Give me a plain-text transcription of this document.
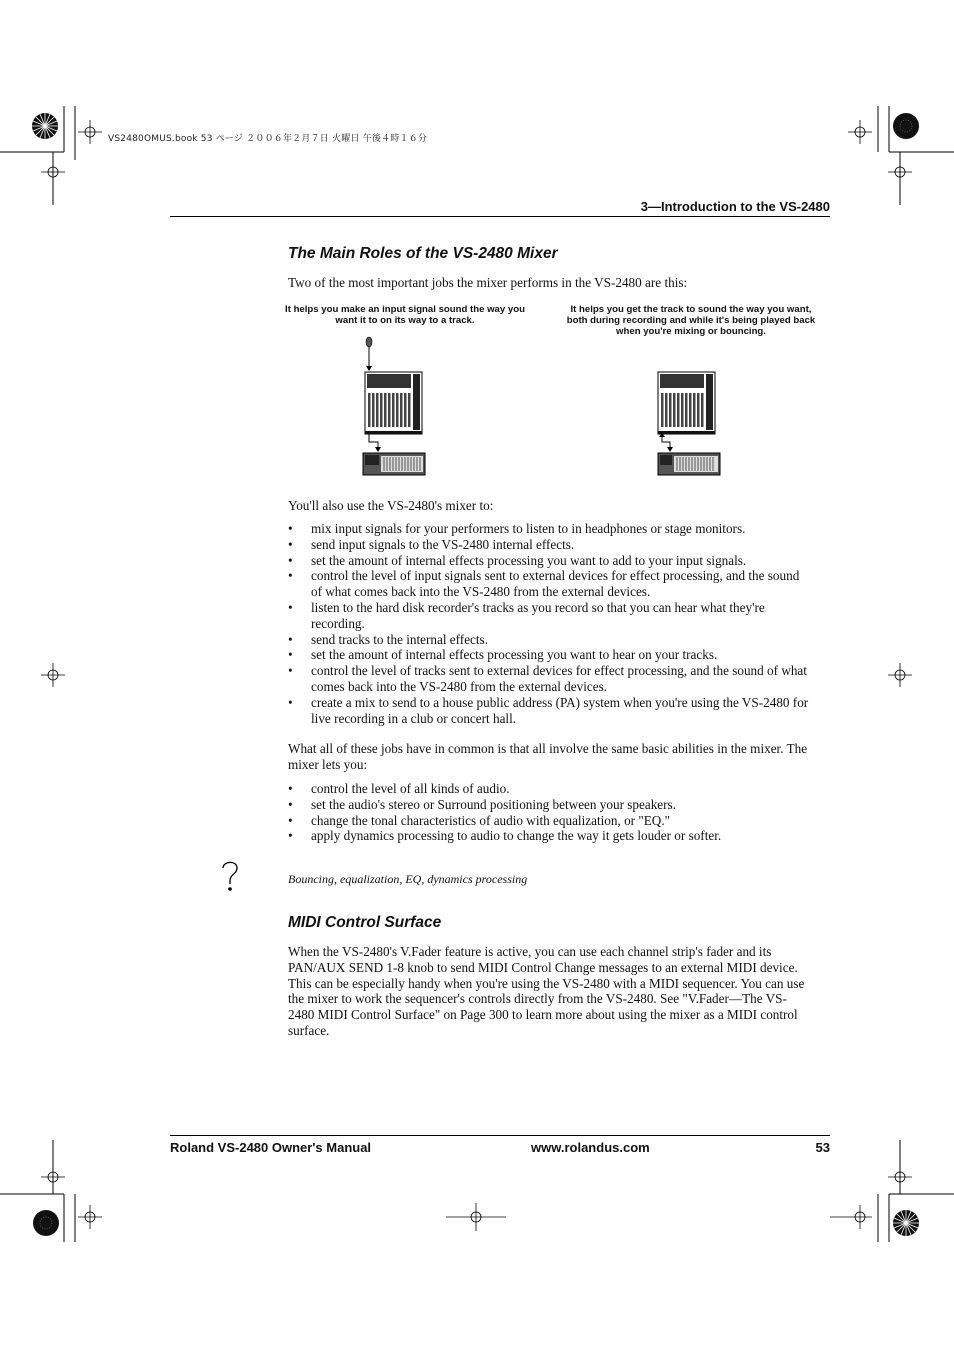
VS2480OMUS.book 53 ページ ２００６年２月７日 火曜日 午後４時１６分
3—Introduction to the VS-2480
The Main Roles of the VS-2480 Mixer
Two of the most important jobs the mixer performs in the VS-2480 are this:
It helps you make an input signal sound the way you want it to on its way to a track.
It helps you get the track to sound the way you want, both during recording and while it's being played back when you're mixing or bouncing.
You'll also use the VS-2480's mixer to:
• mix input signals for your performers to listen to in headphones or stage monitors.
• send input signals to the VS-2480 internal effects.
• set the amount of internal effects processing you want to add to your input signals.
• control the level of input signals sent to external devices for effect processing, and the sound of what comes back into the VS-2480 from the external devices.
• listen to the hard disk recorder's tracks as you record so that you can hear what they're recording.
• send tracks to the internal effects.
• set the amount of internal effects processing you want to hear on your tracks.
• control the level of tracks sent to external devices for effect processing, and the sound of what comes back into the VS-2480 from the external devices.
• create a mix to send to a house public address (PA) system when you're using the VS-2480 for live recording in a club or concert hall.
What all of these jobs have in common is that all involve the same basic abilities in the mixer. The mixer lets you:
• control the level of all kinds of audio.
• set the audio's stereo or Surround positioning between your speakers.
• change the tonal characteristics of audio with equalization, or "EQ."
• apply dynamics processing to audio to change the way it gets louder or softer.
Bouncing, equalization, EQ, dynamics processing
MIDI Control Surface
When the VS-2480's V.Fader feature is active, you can use each channel strip's fader and its PAN/AUX SEND 1-8 knob to send MIDI Control Change messages to an external MIDI device. This can be especially handy when you're using the VS-2480 with a MIDI sequencer. You can use the mixer to work the sequencer's controls directly from the VS-2480. See "V.Fader—The VS-2480 MIDI Control Surface" on Page 300 to learn more about using the mixer as a MIDI control surface.
Roland VS-2480 Owner's Manual	www.rolandus.com	53
